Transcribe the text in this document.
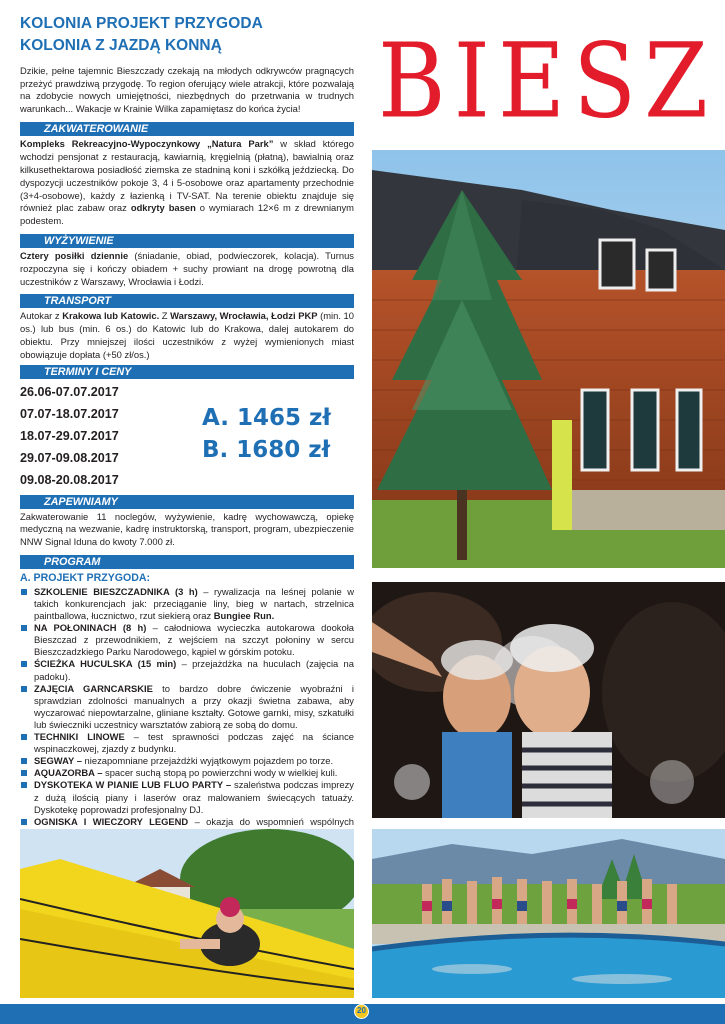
KOLONIA PROJEKT PRZYGODA
KOLONIA Z JAZDĄ KONNĄ

Dzikie, pełne tajemnic Bieszczady czekają na młodych odkrywców pragnących przeżyć prawdziwą przygodę. To region oferujący wiele atrakcji, które pozwalają na zdobycie nowych umiejętności, niezbędnych do przetrwania w trudnych warunkach... Wakacje w Krainie Wilka zapamiętasz do końca życia!

ZAKWATEROWANIE

Kompleks Rekreacyjno-Wypoczynkowy „Natura Park” w skład którego wchodzi pensjonat z restauracją, kawiarnią, kręgielnią (płatną), bawialnią oraz kilkusethektarowa posiadłość ziemska ze stadniną koni i szkółką jeździecką. Do dyspozycji uczestników pokoje 3, 4 i 5-osobowe oraz apartamenty przechodnie (3+4-osobowe), każdy z łazienką i TV-SAT. Na terenie obiektu znajduje się również plac zabaw oraz odkryty basen o wymiarach 12×6 m z drewnianym podestem.

WYŻYWIENIE

Cztery posiłki dziennie (śniadanie, obiad, podwieczorek, kolacja). Turnus rozpoczyna się i kończy obiadem + suchy prowiant na drogę powrotną dla uczestników z Warszawy, Wrocławia i Łodzi.

TRANSPORT

Autokar z Krakowa lub Katowic. Z Warszawy, Wrocławia, Łodzi PKP (min. 10 os.) lub bus (min. 6 os.) do Katowic lub do Krakowa, dalej autokarem do obiektu. Przy mniejszej ilości uczestników z wyżej wymienionych miast obowiązuje dopłata (+50 zł/os.)

TERMINY I CENY
26.06-07.07.2017
07.07-18.07.2017
18.07-29.07.2017
29.07-09.08.2017
09.08-20.08.2017
A. 1465 zł
B. 1680 zł
ZAPEWNIAMY

Zakwaterowanie 11 noclegów, wyżywienie, kadrę wychowawczą, opiekę medyczną na wezwanie, kadrę instruktorską, transport, program, ubezpieczenie NNW Signal Iduna do kwoty 7.000 zł.

PROGRAM
A. PROJEKT PRZYGODA:
SZKOLENIE BIESZCZADNIKA (3 h) – rywalizacja na leśnej polanie w takich konkurencjach jak: przeciąganie liny, bieg w nartach, strzelnica paintballowa, łucznictwo, rzut siekierą oraz Bungiee Run.
NA POŁONINACH (8 h) – całodniowa wycieczka autokarowa dookoła Bieszczad z przewodnikiem, z wejściem na szczyt połoniny w sercu Bieszczadzkiego Parku Narodowego, kąpiel w górskim potoku.
ŚCIEŻKA HUCULSKA (15 min) – przejażdżka na huculach (zajęcia na padoku).
ZAJĘCIA GARNCARSKIE to bardzo dobre ćwiczenie wyobraźni i sprawdzian zdolności manualnych a przy okazji świetna zabawa, aby wyczarować niepowtarzalne, gliniane kształty. Gotowe garnki, misy, szkatułki lub świeczniki uczestnicy warsztatów zabiorą ze sobą do domu.
TECHNIKI LINOWE – test sprawności podczas zajęć na ściance wspinaczkowej, zjazdy z budynku.
SEGWAY – niezapomniane przejażdżki wyjątkowym pojazdem po torze.
AQUAZORBA – spacer suchą stopą po powierzchni wody w wielkiej kuli.
DYSKOTEKA W PIANIE LUB FLUO PARTY – szaleństwa podczas imprezy z dużą ilością piany i laserów oraz malowaniem świecących tatuaży. Dyskotekę poprowadzi profesjonalny DJ.
OGNISKA I WIECZORY LEGEND – okazja do wspomnień wspólnych
BIESZ
20
